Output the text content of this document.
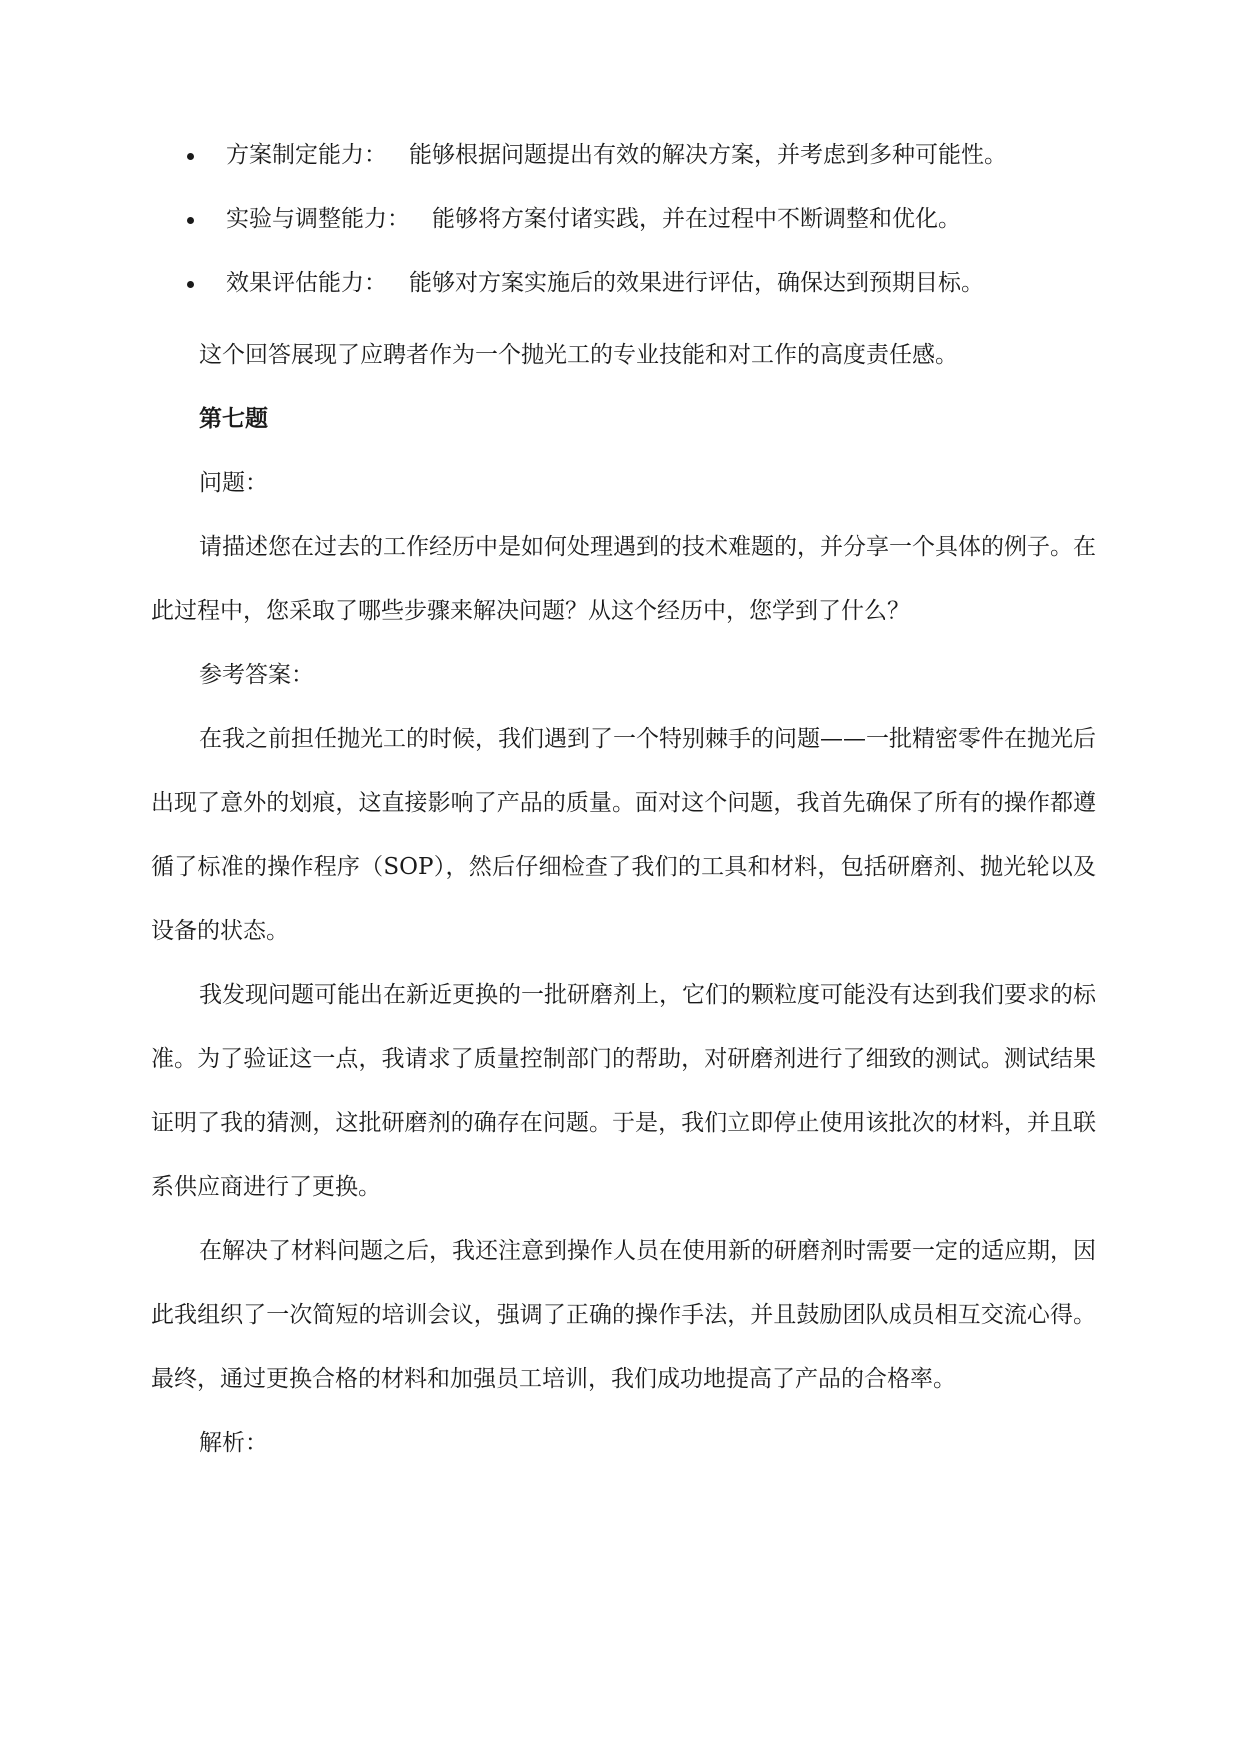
方案制定能力： 能够根据问题提出有效的解决方案，并考虑到多种可能性。
实验与调整能力： 能够将方案付诸实践，并在过程中不断调整和优化。
效果评估能力： 能够对方案实施后的效果进行评估，确保达到预期目标。

这个回答展现了应聘者作为一个抛光工的专业技能和对工作的高度责任感。

第七题

问题：

请描述您在过去的工作经历中是如何处理遇到的技术难题的，并分享一个具体的例子。在此过程中，您采取了哪些步骤来解决问题？从这个经历中，您学到了什么？

参考答案：

在我之前担任抛光工的时候，我们遇到了一个特别棘手的问题——一批精密零件在抛光后出现了意外的划痕，这直接影响了产品的质量。面对这个问题，我首先确保了所有的操作都遵循了标准的操作程序（SOP），然后仔细检查了我们的工具和材料，包括研磨剂、抛光轮以及设备的状态。

我发现问题可能出在新近更换的一批研磨剂上，它们的颗粒度可能没有达到我们要求的标准。为了验证这一点，我请求了质量控制部门的帮助，对研磨剂进行了细致的测试。测试结果证明了我的猜测，这批研磨剂的确存在问题。于是，我们立即停止使用该批次的材料，并且联系供应商进行了更换。

在解决了材料问题之后，我还注意到操作人员在使用新的研磨剂时需要一定的适应期，因此我组织了一次简短的培训会议，强调了正确的操作手法，并且鼓励团队成员相互交流心得。最终，通过更换合格的材料和加强员工培训，我们成功地提高了产品的合格率。

解析：
